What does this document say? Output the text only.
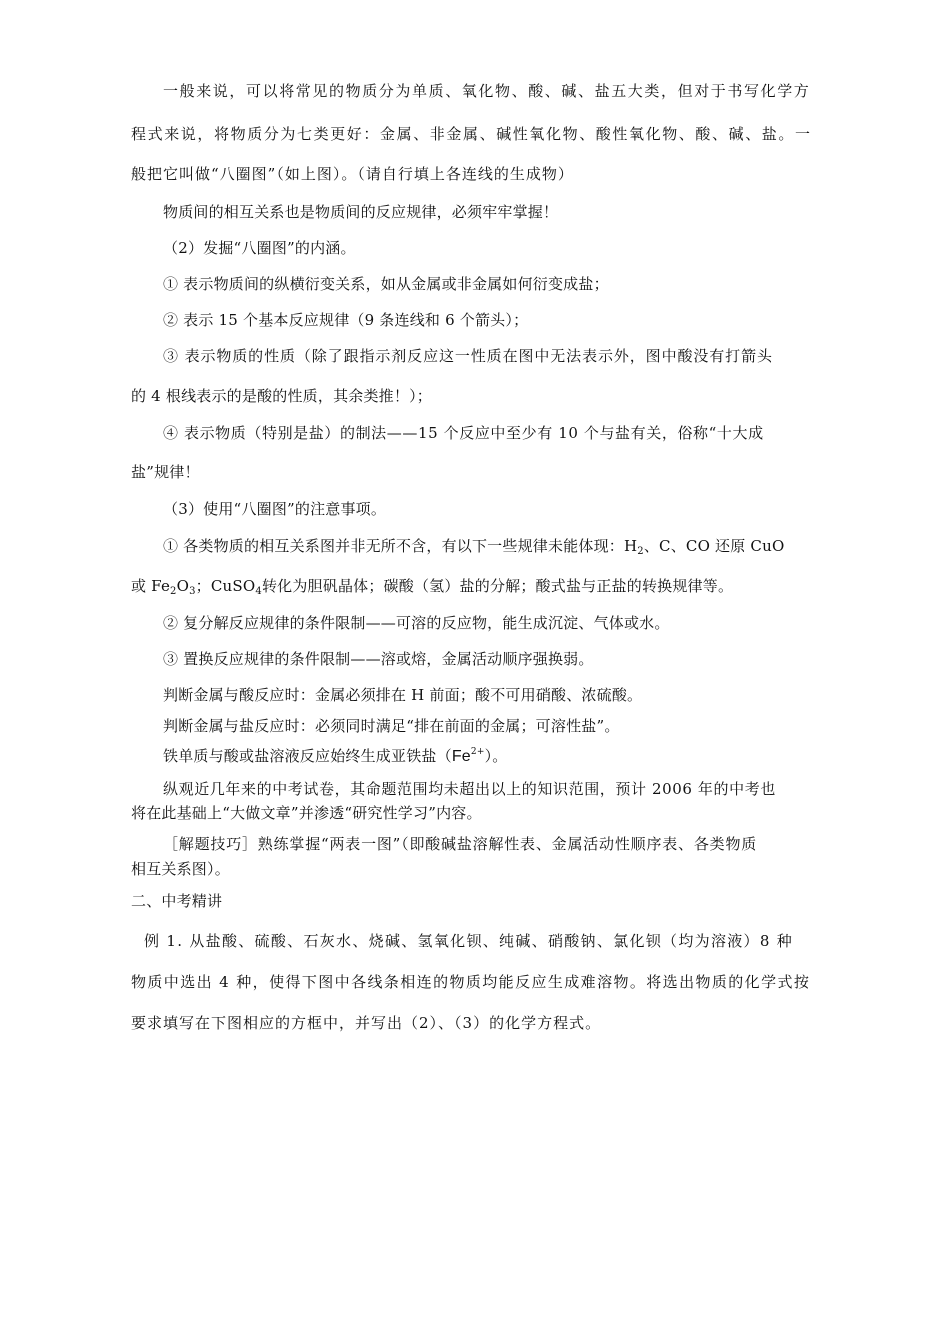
一般来说，可以将常见的物质分为单质、氧化物、酸、碱、盐五大类，但对于书写化学方
程式来说，将物质分为七类更好：金属、非金属、碱性氧化物、酸性氧化物、酸、碱、盐。一
般把它叫做“八圈图”（如上图）。（请自行填上各连线的生成物）
物质间的相互关系也是物质间的反应规律，必须牢牢掌握！
（2）发掘“八圈图”的内涵。
① 表示物质间的纵横衍变关系，如从金属或非金属如何衍变成盐；
② 表示 15 个基本反应规律（9 条连线和 6 个箭头）；
③ 表示物质的性质（除了跟指示剂反应这一性质在图中无法表示外，图中酸没有打箭头
的 4 根线表示的是酸的性质，其余类推！）；
④ 表示物质（特别是盐）的制法——15 个反应中至少有 10 个与盐有关，俗称“十大成
盐”规律！
（3）使用“八圈图”的注意事项。
① 各类物质的相互关系图并非无所不含，有以下一些规律未能体现：$H_2$、C、CO 还原 CuO
或 $Fe_2O_3$；CuSO$_4$转化为胆矾晶体；碳酸（氢）盐的分解；酸式盐与正盐的转换规律等。
② 复分解反应规律的条件限制——可溶的反应物，能生成沉淀、气体或水。
③ 置换反应规律的条件限制——溶或熔，金属活动顺序强换弱。
判断金属与酸反应时：金属必须排在 H 前面；酸不可用硝酸、浓硫酸。
判断金属与盐反应时：必须同时满足“排在前面的金属；可溶性盐”。
铁单质与酸或盐溶液反应始终生成亚铁盐$(Fe^{2+})$。
纵观近几年来的中考试卷，其命题范围均未超出以上的知识范围，预计 2006 年的中考也
将在此基础上“大做文章”并渗透“研究性学习”内容。
［解题技巧］熟练掌握“两表一图”（即酸碱盐溶解性表、金属活动性顺序表、各类物质
相互关系图）。
二、中考精讲
例 1. 从盐酸、硫酸、石灰水、烧碱、氢氧化钡、纯碱、硝酸钠、氯化钡（均为溶液）8 种
物质中选出 4 种，使得下图中各线条相连的物质均能反应生成难溶物。将选出物质的化学式按
要求填写在下图相应的方框中，并写出（2）、（3）的化学方程式。
